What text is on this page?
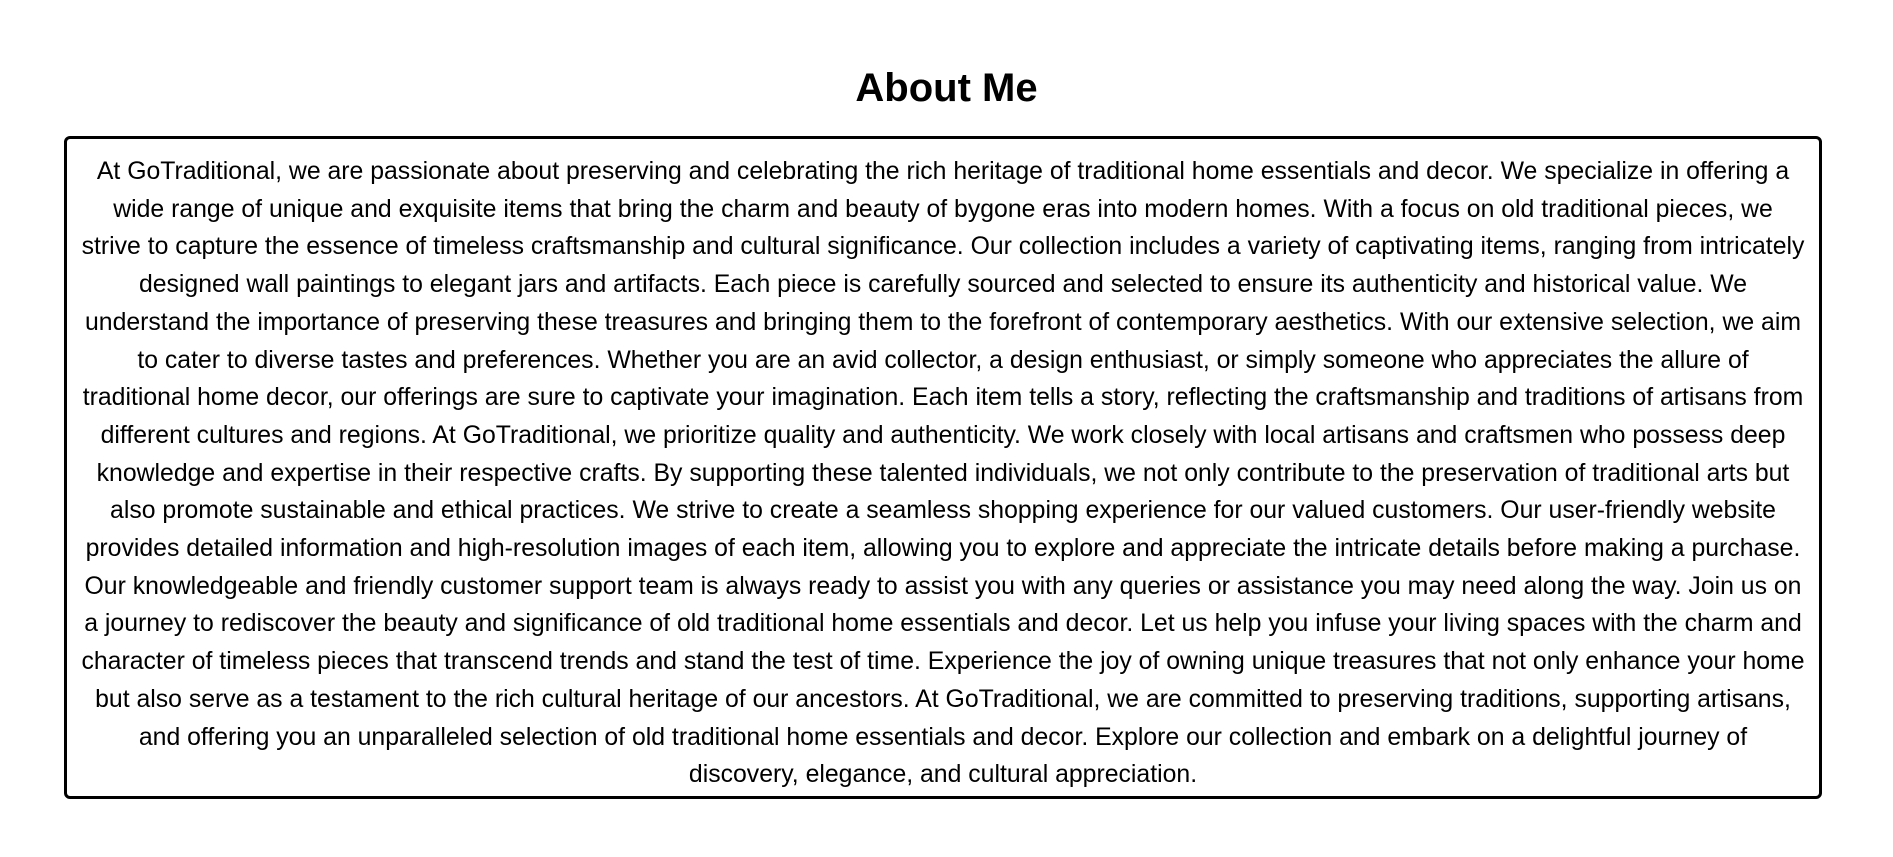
About Me

At GoTraditional, we are passionate about preserving and celebrating the rich heritage of traditional home essentials and decor. We specialize in offering a wide range of unique and exquisite items that bring the charm and beauty of bygone eras into modern homes. With a focus on old traditional pieces, we strive to capture the essence of timeless craftsmanship and cultural significance. Our collection includes a variety of captivating items, ranging from intricately designed wall paintings to elegant jars and artifacts. Each piece is carefully sourced and selected to ensure its authenticity and historical value. We understand the importance of preserving these treasures and bringing them to the forefront of contemporary aesthetics. With our extensive selection, we aim to cater to diverse tastes and preferences. Whether you are an avid collector, a design enthusiast, or simply someone who appreciates the allure of traditional home decor, our offerings are sure to captivate your imagination. Each item tells a story, reflecting the craftsmanship and traditions of artisans from different cultures and regions. At GoTraditional, we prioritize quality and authenticity. We work closely with local artisans and craftsmen who possess deep knowledge and expertise in their respective crafts. By supporting these talented individuals, we not only contribute to the preservation of traditional arts but also promote sustainable and ethical practices. We strive to create a seamless shopping experience for our valued customers. Our user-friendly website provides detailed information and high-resolution images of each item, allowing you to explore and appreciate the intricate details before making a purchase. Our knowledgeable and friendly customer support team is always ready to assist you with any queries or assistance you may need along the way. Join us on a journey to rediscover the beauty and significance of old traditional home essentials and decor. Let us help you infuse your living spaces with the charm and character of timeless pieces that transcend trends and stand the test of time. Experience the joy of owning unique treasures that not only enhance your home but also serve as a testament to the rich cultural heritage of our ancestors. At GoTraditional, we are committed to preserving traditions, supporting artisans, and offering you an unparalleled selection of old traditional home essentials and decor. Explore our collection and embark on a delightful journey of discovery, elegance, and cultural appreciation.
